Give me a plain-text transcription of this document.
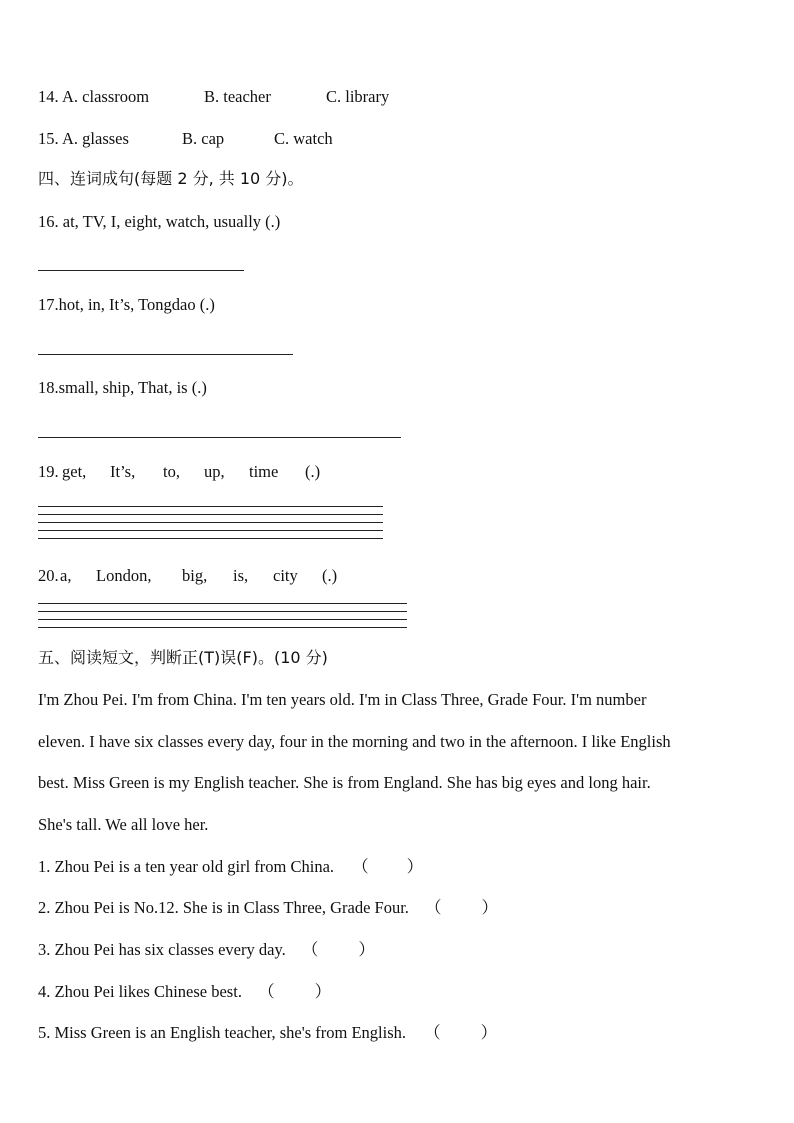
14. A. classroom	B. teacher	C. library
15. A. glasses	B. cap	C. watch
四、连词成句(每题 2 分, 共 10 分)。
16. at, TV, I, eight, watch, usually (.)
17.hot, in, It’s, Tongdao (.)
18.small, ship, That, is (.)
19. get, It’s, to, up, time (.)
20.a, London, big, is, city (.)
五、阅读短文，判断正(T)误(F)。(10 分)
I'm Zhou Pei. I'm from China. I'm ten years old. I'm in Class Three, Grade Four. I'm number
eleven. I have six classes every day, four in the morning and two in the afternoon. I like English
best. Miss Green is my English teacher. She is from England. She has big eyes and long hair.
She's tall. We all love her.
1. Zhou Pei is a ten year old girl from China. （ ）
2. Zhou Pei is No.12. She is in Class Three, Grade Four. （ ）
3. Zhou Pei has six classes every day. （ ）
4. Zhou Pei likes Chinese best. （ ）
5. Miss Green is an English teacher, she's from English. （ ）
